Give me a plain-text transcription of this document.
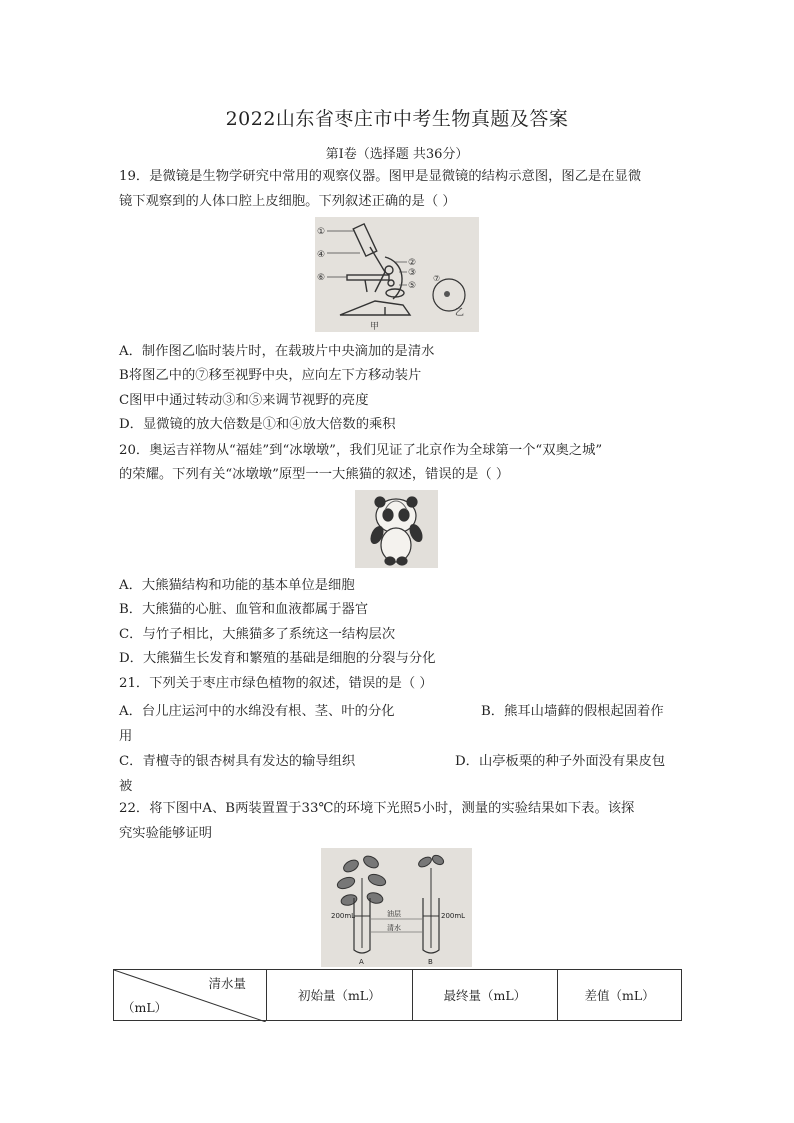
2022山东省枣庄市中考生物真题及答案
第Ⅰ卷（选择题 共36分）
19．是微镜是生物学研究中常用的观察仪器。图甲是显微镜的结构示意图，图乙是在显微
镜下观察到的人体口腔上皮细胞。下列叙述正确的是（ ）
①
④
⑥
②
③
⑤
甲
乙
⑦
A．制作图乙临时装片时，在载玻片中央滴加的是清水
B将图乙中的⑦移至视野中央，应向左下方移动装片
C图甲中通过转动③和⑤来调节视野的亮度
D．显微镜的放大倍数是①和④放大倍数的乘积
20．奥运吉祥物从“福娃”到“冰墩墩”，我们见证了北京作为全球第一个“双奥之城”
的荣耀。下列有关“冰墩墩”原型一一大熊猫的叙述，错误的是（ ）
A．大熊猫结构和功能的基本单位是细胞
B．大熊猫的心脏、血管和血液都属于器官
C．与竹子相比，大熊猫多了系统这一结构层次
D．大熊猫生长发育和繁殖的基础是细胞的分裂与分化
21．下列关于枣庄市绿色植物的叙述，错误的是（ ）
A．台儿庄运河中的水绵没有根、茎、叶的分化	B．熊耳山墙藓的假根起固着作
用
C．青檀寺的银杏树具有发达的输导组织	D．山亭板栗的种子外面没有果皮包
被
22．将下图中A、B两装置置于33℃的环境下光照5小时，测量的实验结果如下表。该探
究实验能够证明
200mL	200mL
油层
清水
A	B
清水量
（mL）
	初始量（mL）	最终量（mL）	差值（mL）
